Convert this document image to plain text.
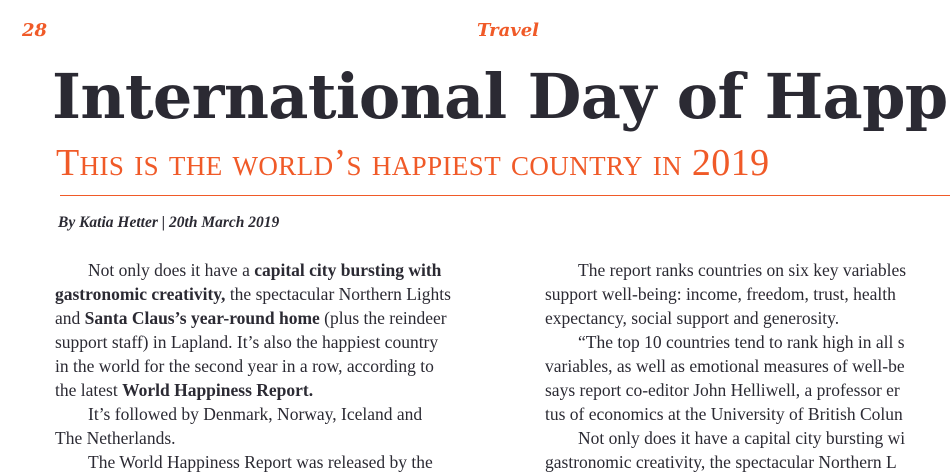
28	Travel
International Day of Happ
This is the world’s happiest country in 2019
By Katia Hetter | 20th March 2019
Not only does it have a capital city bursting with
gastronomic creativity, the spectacular Northern Lights
and Santa Claus’s year-round home (plus the reindeer
support staff) in Lapland. It’s also the happiest country
in the world for the second year in a row, according to
the latest World Happiness Report.
It’s followed by Denmark, Norway, Iceland and
The Netherlands.
The World Happiness Report was released by the
The report ranks countries on six key variables
support well-being: income, freedom, trust, health
expectancy, social support and generosity.
“The top 10 countries tend to rank high in all s
variables, as well as emotional measures of well-be
says report co-editor John Helliwell, a professor er
tus of economics at the University of British Colun
Not only does it have a capital city bursting wi
gastronomic creativity, the spectacular Northern L
